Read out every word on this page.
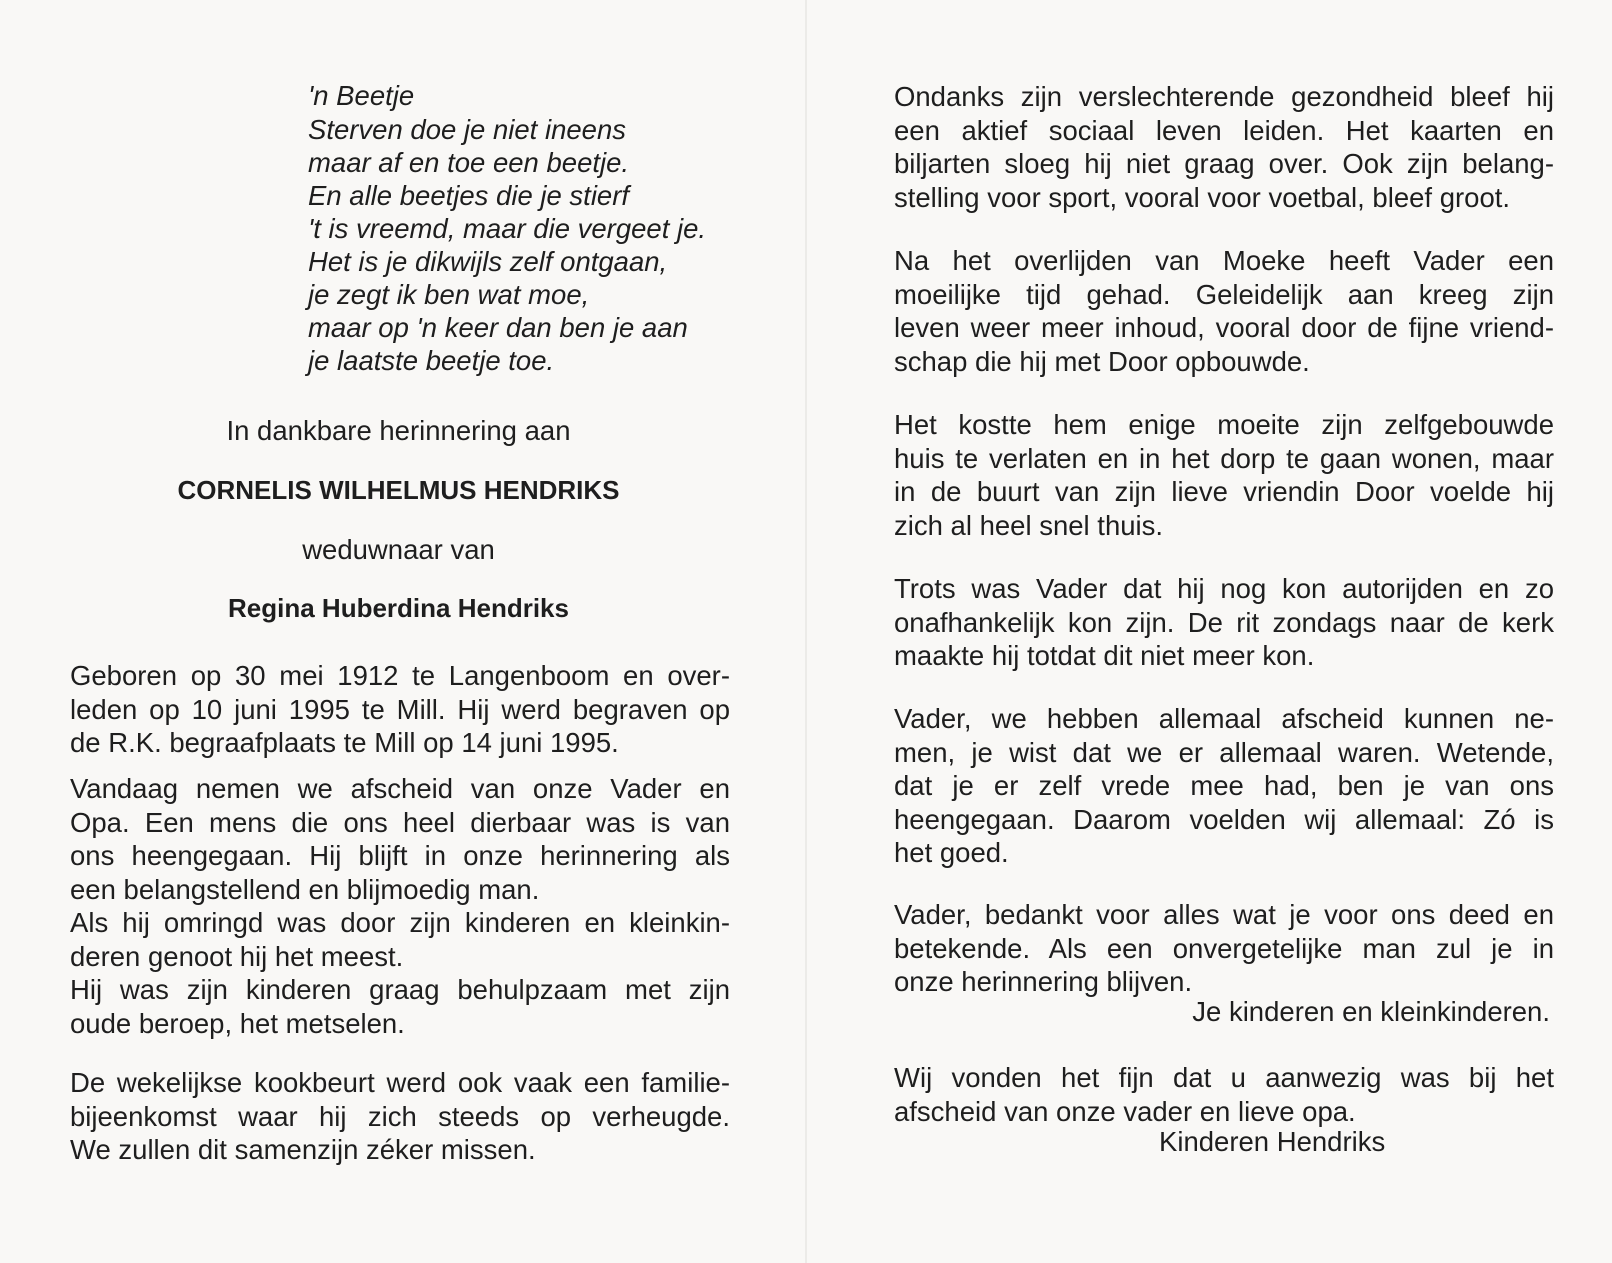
'n Beetje
Sterven doe je niet ineens
maar af en toe een beetje.
En alle beetjes die je stierf
't is vreemd, maar die vergeet je.
Het is je dikwijls zelf ontgaan,
je zegt ik ben wat moe,
maar op 'n keer dan ben je aan
je laatste beetje toe.
In dankbare herinnering aan
CORNELIS WILHELMUS HENDRIKS
weduwnaar van
Regina Huberdina Hendriks
Geboren op 30 mei 1912 te Langenboom en over-
leden op 10 juni 1995 te Mill. Hij werd begraven op
de R.K. begraafplaats te Mill op 14 juni 1995.
Vandaag nemen we afscheid van onze Vader en
Opa. Een mens die ons heel dierbaar was is van
ons heengegaan. Hij blijft in onze herinnering als
een belangstellend en blijmoedig man.
Als hij omringd was door zijn kinderen en kleinkin-
deren genoot hij het meest.
Hij was zijn kinderen graag behulpzaam met zijn
oude beroep, het metselen.
De wekelijkse kookbeurt werd ook vaak een familie-
bijeenkomst waar hij zich steeds op verheugde.
We zullen dit samenzijn zéker missen.
Ondanks zijn verslechterende gezondheid bleef hij
een aktief sociaal leven leiden. Het kaarten en
biljarten sloeg hij niet graag over. Ook zijn belang-
stelling voor sport, vooral voor voetbal, bleef groot.
Na het overlijden van Moeke heeft Vader een
moeilijke tijd gehad. Geleidelijk aan kreeg zijn
leven weer meer inhoud, vooral door de fijne vriend-
schap die hij met Door opbouwde.
Het kostte hem enige moeite zijn zelfgebouwde
huis te verlaten en in het dorp te gaan wonen, maar
in de buurt van zijn lieve vriendin Door voelde hij
zich al heel snel thuis.
Trots was Vader dat hij nog kon autorijden en zo
onafhankelijk kon zijn. De rit zondags naar de kerk
maakte hij totdat dit niet meer kon.
Vader, we hebben allemaal afscheid kunnen ne-
men, je wist dat we er allemaal waren. Wetende,
dat je er zelf vrede mee had, ben je van ons
heengegaan. Daarom voelden wij allemaal: Zó is
het goed.
Vader, bedankt voor alles wat je voor ons deed en
betekende. Als een onvergetelijke man zul je in
onze herinnering blijven.
Je kinderen en kleinkinderen.
Wij vonden het fijn dat u aanwezig was bij het
afscheid van onze vader en lieve opa.
Kinderen Hendriks
